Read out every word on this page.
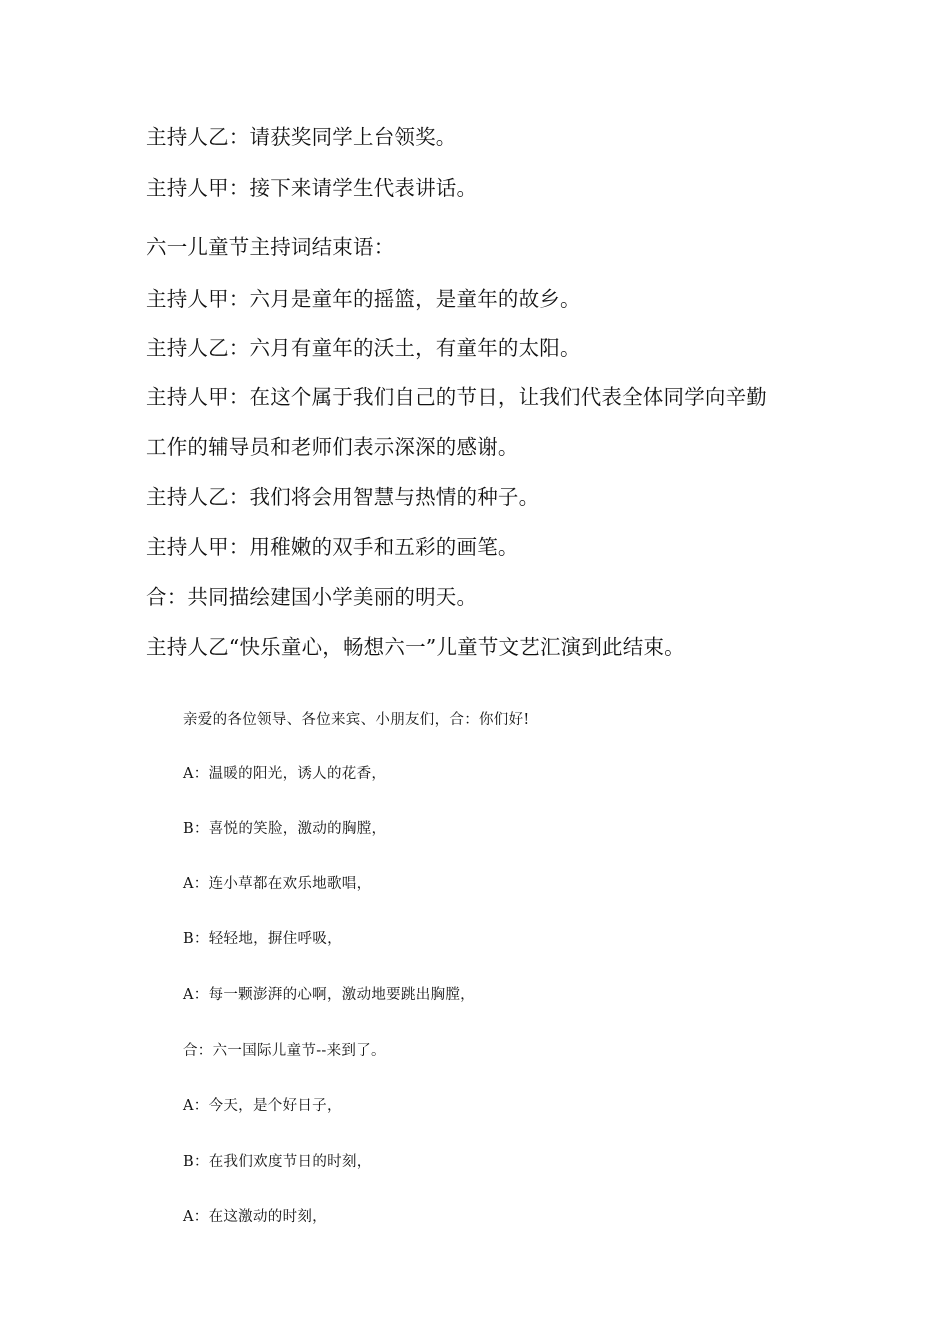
主持人乙：请获奖同学上台领奖。

主持人甲：接下来请学生代表讲话。

六一儿童节主持词结束语：

主持人甲：六月是童年的摇篮，是童年的故乡。

主持人乙：六月有童年的沃土，有童年的太阳。

主持人甲：在这个属于我们自己的节日，让我们代表全体同学向辛勤

工作的辅导员和老师们表示深深的感谢。

主持人乙：我们将会用智慧与热情的种子。

主持人甲：用稚嫩的双手和五彩的画笔。

合：共同描绘建国小学美丽的明天。

主持人乙“快乐童心，畅想六一”儿童节文艺汇演到此结束。

亲爱的各位领导、各位来宾、小朋友们，合：你们好!

A：温暖的阳光，诱人的花香，

B：喜悦的笑脸，激动的胸膛，

A：连小草都在欢乐地歌唱，

B：轻轻地，摒住呼吸，

A：每一颗澎湃的心啊，激动地要跳出胸膛，

合：六一国际儿童节--来到了。

A：今天，是个好日子，

B：在我们欢度节日的时刻，

A：在这激动的时刻，
